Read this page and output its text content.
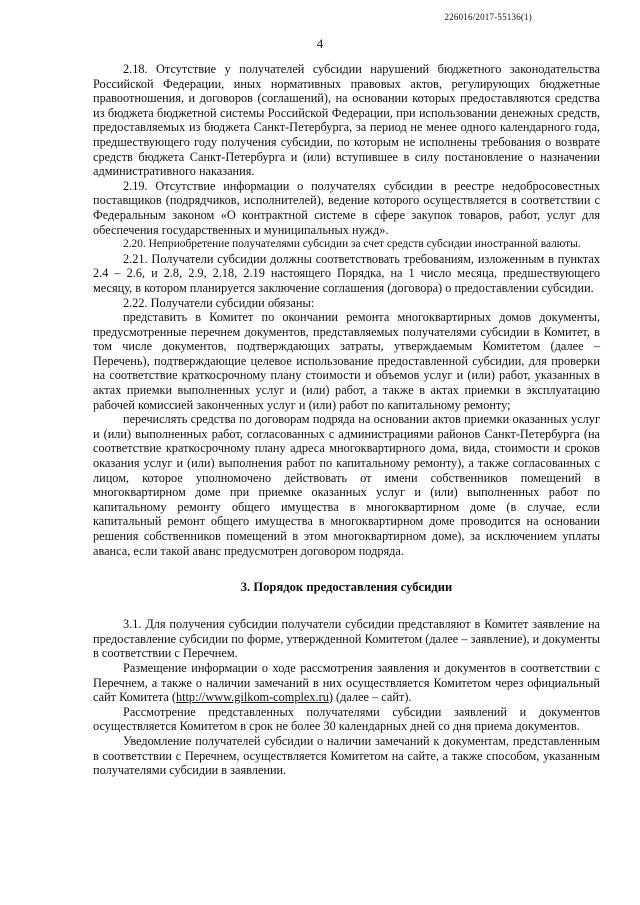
226016/2017-55136(1)
4

2.18. Отсутствие у получателей субсидии нарушений бюджетного законодательства Российской Федерации, иных нормативных правовых актов, регулирующих бюджетные правоотношения, и договоров (соглашений), на основании которых предоставляются средства из бюджета бюджетной системы Российской Федерации, при использовании денежных средств, предоставляемых из бюджета Санкт-Петербурга, за период не менее одного календарного года, предшествующего году получения субсидии, по которым не исполнены требования о возврате средств бюджета Санкт-Петербурга и (или) вступившее в силу постановление о назначении административного наказания.

2.19. Отсутствие информации о получателях субсидии в реестре недобросовестных поставщиков (подрядчиков, исполнителей), ведение которого осуществляется в соответствии с Федеральным законом «О контрактной системе в сфере закупок товаров, работ, услуг для обеспечения государственных и муниципальных нужд».

2.20. Неприобретение получателями субсидии за счет средств субсидии иностранной валюты.

2.21. Получатели субсидии должны соответствовать требованиям, изложенным в пунктах 2.4 – 2.6, и 2.8, 2.9, 2.18, 2.19 настоящего Порядка, на 1 число месяца, предшествующего месяцу, в котором планируется заключение соглашения (договора) о предоставлении субсидии.

2.22. Получатели субсидии обязаны:

представить в Комитет по окончании ремонта многоквартирных домов документы, предусмотренные перечнем документов, представляемых получателями субсидии в Комитет, в том числе документов, подтверждающих затраты, утверждаемым Комитетом (далее – Перечень), подтверждающие целевое использование предоставленной субсидии, для проверки на соответствие краткосрочному плану стоимости и объемов услуг и (или) работ, указанных в актах приемки выполненных услуг и (или) работ, а также в актах приемки в эксплуатацию рабочей комиссией законченных услуг и (или) работ по капитальному ремонту;

перечислять средства по договорам подряда на основании актов приемки оказанных услуг и (или) выполненных работ, согласованных с администрациями районов Санкт-Петербурга (на соответствие краткосрочному плану адреса многоквартирного дома, вида, стоимости и сроков оказания услуг и (или) выполнения работ по капитальному ремонту), а также согласованных с лицом, которое уполномочено действовать от имени собственников помещений в многоквартирном доме при приемке оказанных услуг и (или) выполненных работ по капитальному ремонту общего имущества в многоквартирном доме (в случае, если капитальный ремонт общего имущества в многоквартирном доме проводится на основании решения собственников помещений в этом многоквартирном доме), за исключением уплаты аванса, если такой аванс предусмотрен договором подряда.

3. Порядок предоставления субсидии

3.1. Для получения субсидии получатели субсидии представляют в Комитет заявление на предоставление субсидии по форме, утвержденной Комитетом (далее – заявление), и документы в соответствии с Перечнем.

Размещение информации о ходе рассмотрения заявления и документов в соответствии с Перечнем, а также о наличии замечаний в них осуществляется Комитетом через официальный сайт Комитета (http://www.gilkom-complex.ru) (далее – сайт).

Рассмотрение представленных получателями субсидии заявлений и документов осуществляется Комитетом в срок не более 30 календарных дней со дня приема документов.

Уведомление получателей субсидии о наличии замечаний к документам, представленным в соответствии с Перечнем, осуществляется Комитетом на сайте, а также способом, указанным получателями субсидии в заявлении.
